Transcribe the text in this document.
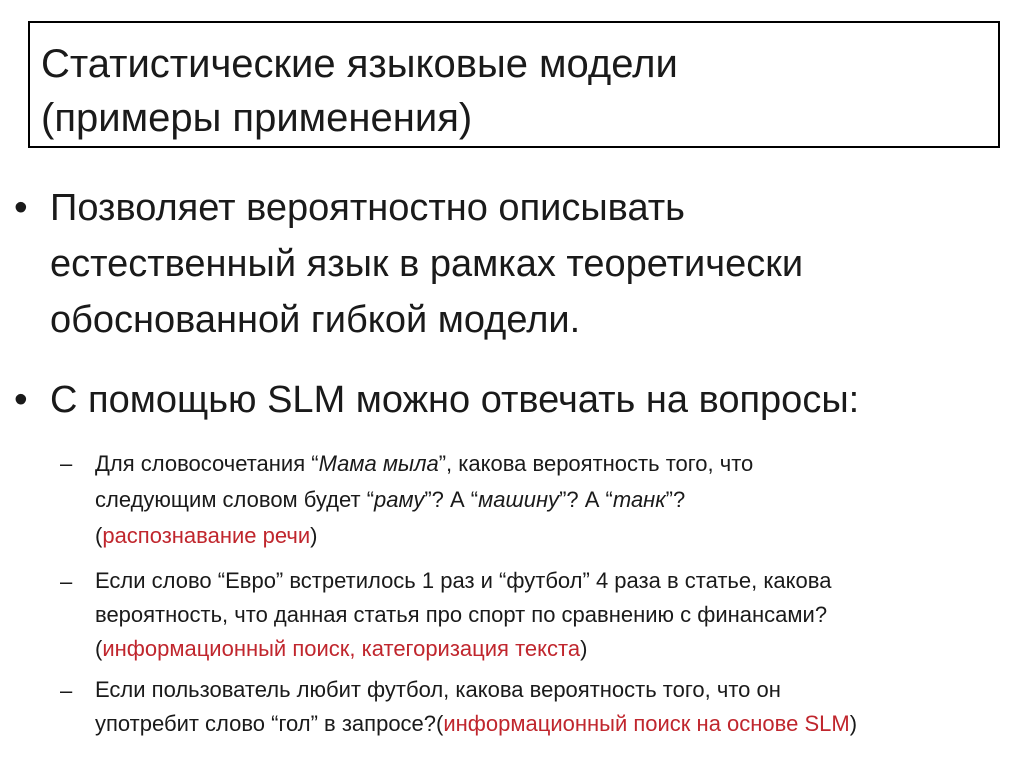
Статистические языковые модели
(примеры применения)
• Позволяет вероятностно описывать
естественный язык в рамках теоретически
обоснованной гибкой модели.
• С помощью SLM можно отвечать на вопросы:
– Для словосочетания “Мама мыла”, какова вероятность того, что
следующим словом будет “раму”? А “машину”? А “танк”?
(распознавание речи)
– Если слово “Евро” встретилось 1 раз и “футбол” 4 раза в статье, какова
вероятность, что данная статья про спорт по сравнению с финансами?
(информационный поиск, категоризация текста)
– Если пользователь любит футбол, какова вероятность того, что он
употребит слово “гол” в запросе?(информационный поиск на основе SLM)
